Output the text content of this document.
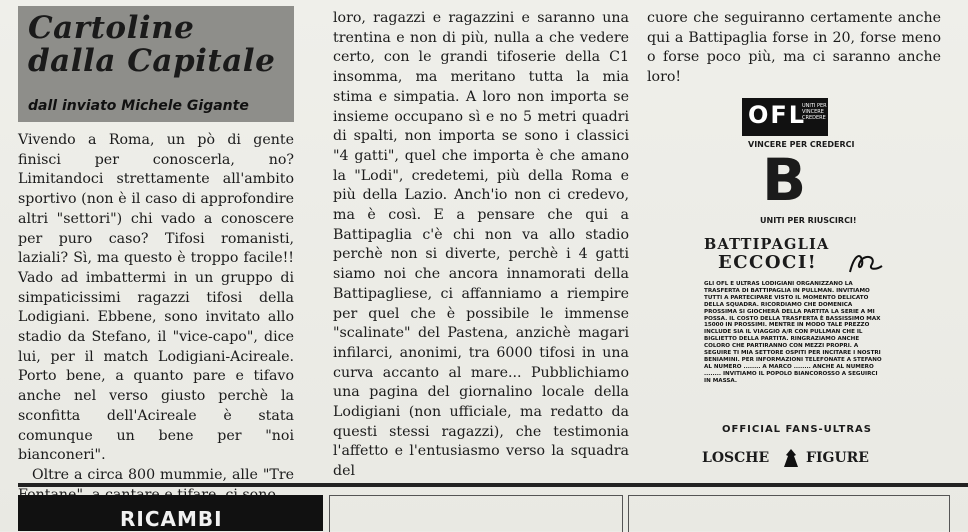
Cartoline
dalla Capitale
dall inviato Michele Gigante

Vivendo a Roma, un pò di gente finisci per conoscerla, no? Limitandoci strettamente all'ambito sportivo (non è il caso di approfondire altri "settori") chi vado a conoscere per puro caso? Tifosi romanisti, laziali? Sì, ma questo è troppo facile!! Vado ad imbattermi in un gruppo di simpaticissimi ragazzi tifosi della Lodigiani. Ebbene, sono invitato allo stadio da Stefano, il "vice-capo", dice lui, per il match Lodigiani-Acireale. Porto bene, a quanto pare e tifavo anche nel verso giusto perchè la sconfitta dell'Acireale è stata comunque un bene per "noi bianconeri".

Oltre a circa 800 mummie, alle "Tre

loro, ragazzi e ragazzini e saranno una trentina e non di più, nulla a che vedere certo, con le grandi tifoserie della C1 insomma, ma meritano tutta la mia stima e simpatia. A loro non importa se insieme occupano sì e no 5 metri quadri di spalti, non importa se sono i classici "4 gatti", quel che importa è che amano la "Lodi", credetemi, più della Roma e più della Lazio. Anch'io non ci credevo, ma è così. E a pensare che qui a Battipaglia c'è chi non va allo stadio perchè non si diverte, perchè i 4 gatti siamo noi che ancora innamorati della Battipagliese, ci affanniamo a riempire per quel che è possibile le immense "scalinate" del Pastena, anzichè magari infilarci, anonimi, tra 6000 tifosi in una curva accanto al mare... Pubblichiamo una pagina del giornalino locale della Lodigiani (non ufficiale, ma redatto da questi stessi ragazzi), che testimonia l'affetto e l'entusiasmo verso la squadra del

cuore che seguiranno certamente anche qui a Battipaglia forse in 20, forse meno o forse poco più, ma ci saranno anche loro!

OFL
UNITI PER VINCERE CREDERE
VINCERE PER CREDERCI
B
UNITI PER RIUSCIRCI!
BATTIPAGLIA
ECCOCI!
GLI OFL E ULTRAS LODIGIANI ORGANIZZANO LA TRASFERTA DI BATTIPAGLIA IN PULLMAN. INVITIAMO TUTTI A PARTECIPARE VISTO IL MOMENTO DELICATO DELLA SQUADRA. RICORDIAMO CHE DOMENICA PROSSIMA SI GIOCHERÀ DELLA PARTITA LA SERIE A MI POSSA. IL COSTO DELLA TRASFERTA È BASSISSIMO MAX 15000 IN PROSSIMI. MENTRE IN MODO TALE PREZZO INCLUDE SIA IL VIAGGIO A/R CON PULLMAN CHE IL BIGLIETTO DELLA PARTITA. RINGRAZIAMO ANCHE COLORO CHE PARTIRANNO CON MEZZI PROPRI. A SEGUIRE TI MIA SETTORE OSPITI PER INCITARE I NOSTRI BENIAMINI. PER INFORMAZIONI TELEFONATE A STEFANO AL NUMERO ........ A MARCO ........ ANCHE AL NUMERO ........ INVITIAMO IL POPOLO BIANCOROSSO A SEGUIRCI IN MASSA.
OFFICIAL FANS-ULTRAS
LOSCHE	FIGURE
RICAMBI
